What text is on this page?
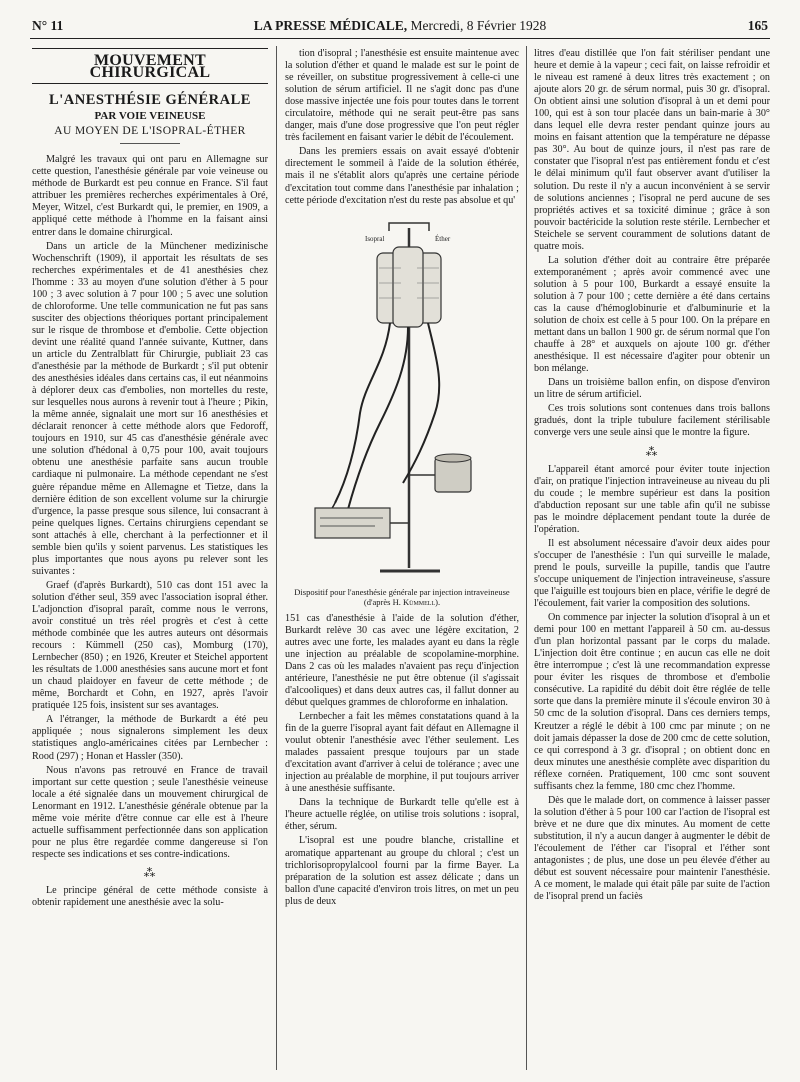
N° 11	LA PRESSE MÉDICALE, Mercredi, 8 Février 1928	165
MOUVEMENT CHIRURGICAL
L'ANESTHÉSIE GÉNÉRALE
PAR VOIE VEINEUSE
AU MOYEN DE L'ISOPRAL-ÉTHER

Malgré les travaux qui ont paru en Allemagne sur cette question, l'anesthésie générale par voie veineuse ou méthode de Burkardt est peu connue en France. S'il faut attribuer les premières recherches expérimentales à Oré, Meyer, Witzel, c'est Burkardt qui, le premier, en 1909, a appliqué cette méthode à l'homme en la faisant ainsi entrer dans le domaine chirurgical.

Dans un article de la Münchener medizinische Wochenschrift (1909), il apportait les résultats de ses recherches expérimentales et de 41 anesthésies chez l'homme : 33 au moyen d'une solution d'éther à 5 pour 100 ; 3 avec solution à 7 pour 100 ; 5 avec une solution de chloroforme. Une telle communication ne fut pas sans susciter des objections théoriques portant principalement sur le risque de thrombose et d'embolie. Cette objection devint une réalité quand l'année suivante, Kuttner, dans un article du Zentralblatt für Chirurgie, publiait 23 cas d'anesthésie par la méthode de Burkardt ; s'il put obtenir des anesthésies idéales dans certains cas, il eut néanmoins à déplorer deux cas d'embolies, non mortelles du reste, sur lesquelles nous aurons à revenir tout à l'heure ; Pikin, la même année, signalait une mort sur 16 anesthésies et déclarait renoncer à cette méthode alors que Fedoroff, toujours en 1910, sur 45 cas d'anesthésie générale avec une solution d'hédonal à 0,75 pour 100, avait toujours obtenu une anesthésie parfaite sans aucun trouble cardiaque ni pulmonaire. La méthode cependant ne s'est guère répandue même en Allemagne et Tietze, dans la dernière édition de son excellent volume sur la chirurgie d'urgence, la passe presque sous silence, lui consacrant à peine quelques lignes. Certains chirurgiens cependant se sont attachés à elle, cherchant à la perfectionner et il semble bien qu'ils y soient parvenus. Les statistiques les plus importantes que nous ayons pu relever sont les suivantes :

Graef (d'après Burkardt), 510 cas dont 151 avec la solution d'éther seul, 359 avec l'association isopral éther. L'adjonction d'isopral paraît, comme nous le verrons, avoir constitué un très réel progrès et c'est à cette méthode combinée que les autres auteurs ont désormais recours : Kümmell (250 cas), Momburg (170), Lernbecher (850) ; en 1926, Kreuter et Steichel apportent les résultats de 1.000 anesthésies sans aucune mort et font un chaud plaidoyer en faveur de cette méthode ; de même, Borchardt et Cohn, en 1927, après l'avoir pratiquée 125 fois, insistent sur ses avantages.

A l'étranger, la méthode de Burkardt a été peu appliquée ; nous signalerons simplement les deux statistiques anglo-américaines citées par Lernbecher : Rood (297) ; Honan et Hassler (350).

Nous n'avons pas retrouvé en France de travail important sur cette question ; seule l'anesthésie veineuse locale a été signalée dans un mouvement chirurgical de Lenormant en 1912. L'anesthésie générale obtenue par la même voie mérite d'être connue car elle est à l'heure actuelle suffisamment perfectionnée dans son application pour ne plus être regardée comme dangereuse si l'on respecte ses indications et ses contre-indications.

⁂

Le principe général de cette méthode consiste à obtenir rapidement une anesthésie avec la solu-

tion d'isopral ; l'anesthésie est ensuite maintenue avec la solution d'éther et quand le malade est sur le point de se réveiller, on substitue progressivement à celle-ci une solution de sérum artificiel. Il ne s'agit donc pas d'une dose massive injectée une fois pour toutes dans le torrent circulatoire, méthode qui ne serait peut-être pas sans danger, mais d'une dose progressive que l'on peut régler très facilement en faisant varier le débit de l'écoulement.

Dans les premiers essais on avait essayé d'obtenir directement le sommeil à l'aide de la solution éthérée, mais il ne s'établit alors qu'après une certaine période d'excitation tout comme dans l'anesthésie par inhalation ; cette période d'excitation n'est du reste pas absolue et qu'

Isopral	Éther
Dispositif pour l'anesthésie générale par injection intraveineuse (d'après H. Kümmell).

151 cas d'anesthésie à l'aide de la solution d'éther, Burkardt relève 30 cas avec une légère excitation, 2 autres avec une forte, les malades ayant eu dans la règle une injection au préalable de scopolamine-morphine. Dans 2 cas où les malades n'avaient pas reçu d'injection antérieure, l'anesthésie ne put être obtenue (il s'agissait d'alcooliques) et dans deux autres cas, il fallut donner au début quelques grammes de chloroforme en inhalation.

Lernbecher a fait les mêmes constatations quand à la fin de la guerre l'isopral ayant fait défaut en Allemagne il voulut obtenir l'anesthésie avec l'éther seulement. Les malades passaient presque toujours par un stade d'excitation avant d'arriver à celui de tolérance ; avec une injection au préalable de morphine, il put toujours arriver à une anesthésie suffisante.

Dans la technique de Burkardt telle qu'elle est à l'heure actuelle réglée, on utilise trois solutions : isopral, éther, sérum.

L'isopral est une poudre blanche, cristalline et aromatique appartenant au groupe du chloral ; c'est un trichlorisopropylalcool fourni par la firme Bayer. La préparation de la solution est assez délicate ; dans un ballon d'une capacité d'environ trois litres, on met un peu plus de deux

litres d'eau distillée que l'on fait stériliser pendant une heure et demie à la vapeur ; ceci fait, on laisse refroidir et le niveau est ramené à deux litres très exactement ; on ajoute alors 20 gr. de sérum normal, puis 30 gr. d'isopral. On obtient ainsi une solution d'isopral à un et demi pour 100, qui est à son tour placée dans un bain-marie à 30° dans lequel elle devra rester pendant quinze jours au moins en faisant attention que la température ne dépasse pas 30°. Au bout de quinze jours, il n'est pas rare de constater que l'isopral n'est pas entièrement fondu et c'est le délai minimum qu'il faut observer avant d'utiliser la solution. Du reste il n'y a aucun inconvénient à se servir de solutions anciennes ; l'isopral ne perd aucune de ses propriétés actives et sa toxicité diminue ; grâce à son pouvoir bactéricide la solution reste stérile. Lernbecher et Steichele se servent couramment de solutions datant de quatre mois.

La solution d'éther doit au contraire être préparée extemporanément ; après avoir commencé avec une solution à 5 pour 100, Burkardt a essayé ensuite la solution à 7 pour 100 ; cette dernière a été dans certains cas la cause d'hémoglobinurie et d'albuminurie et la solution de choix est celle à 5 pour 100. On la prépare en mettant dans un ballon 1 900 gr. de sérum normal que l'on chauffe à 28° et auxquels on ajoute 100 gr. d'éther anesthésique. Il est nécessaire d'agiter pour obtenir un bon mélange.

Dans un troisième ballon enfin, on dispose d'environ un litre de sérum artificiel.

Ces trois solutions sont contenues dans trois ballons gradués, dont la triple tubulure facilement stérilisable converge vers une seule ainsi que le montre la figure.

⁂

L'appareil étant amorcé pour éviter toute injection d'air, on pratique l'injection intraveineuse au niveau du pli du coude ; le membre supérieur est dans la position d'abduction reposant sur une table afin qu'il ne subisse pas le moindre déplacement pendant toute la durée de l'opération.

Il est absolument nécessaire d'avoir deux aides pour s'occuper de l'anesthésie : l'un qui surveille le malade, prend le pouls, surveille la pupille, tandis que l'autre s'occupe uniquement de l'injection intraveineuse, s'assure que l'aiguille est toujours bien en place, vérifie le degré de l'écoulement, fait varier la composition des solutions.

On commence par injecter la solution d'isopral à un et demi pour 100 en mettant l'appareil à 50 cm. au-dessus d'un plan horizontal passant par le corps du malade. L'injection doit être continue ; en aucun cas elle ne doit être interrompue ; c'est là une recommandation expresse pour éviter les risques de thrombose et d'embolie consécutive. La rapidité du débit doit être réglée de telle sorte que dans la première minute il s'écoule environ 30 à 50 cmc de la solution d'isopral. Dans ces derniers temps, Kreutzer a réglé le débit à 100 cmc par minute ; on ne doit jamais dépasser la dose de 200 cmc de cette solution, ce qui correspond à 3 gr. d'isopral ; on obtient donc en deux minutes une anesthésie complète avec disparition du réflexe cornéen. Pratiquement, 100 cmc sont souvent suffisants chez la femme, 180 cmc chez l'homme.

Dès que le malade dort, on commence à laisser passer la solution d'éther à 5 pour 100 car l'action de l'isopral est brève et ne dure que dix minutes. Au moment de cette substitution, il n'y a aucun danger à augmenter le débit de l'écoulement de l'éther car l'isopral et l'éther sont antagonistes ; de plus, une dose un peu élevée d'éther au début est souvent nécessaire pour maintenir l'anesthésie. A ce moment, le malade qui était pâle par suite de l'action de l'isopral prend un faciès
